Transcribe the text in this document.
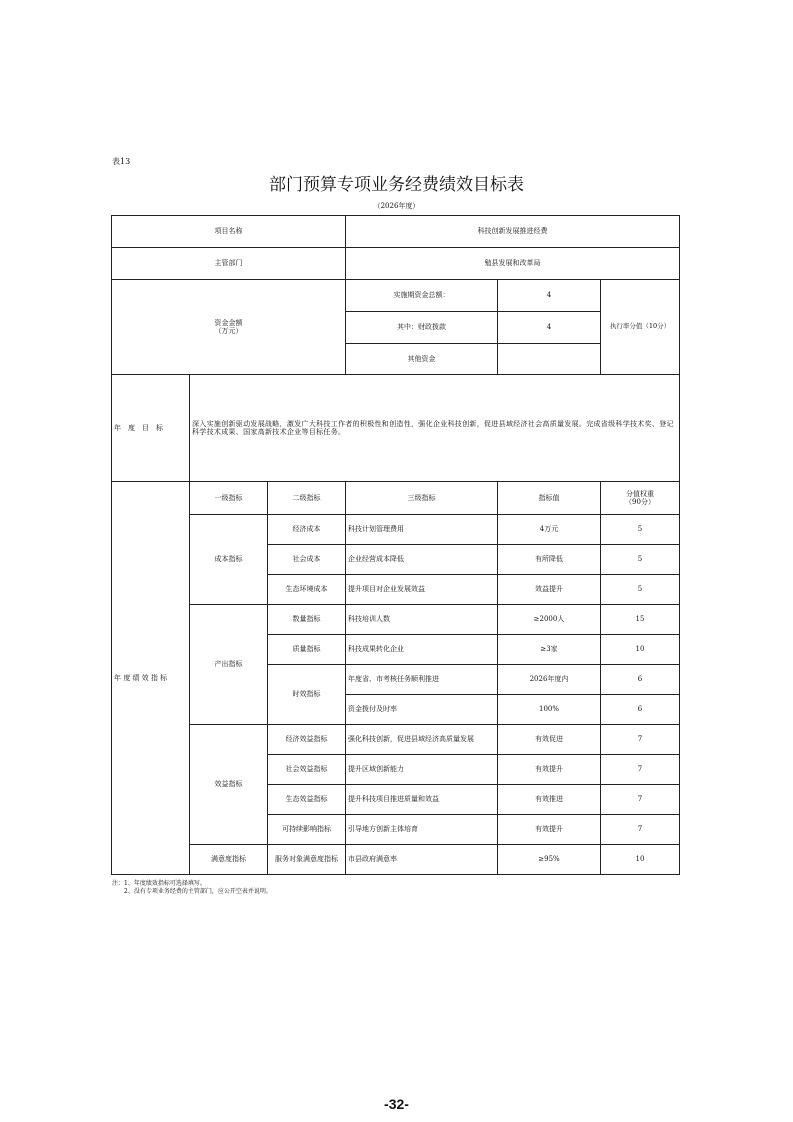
表13
部门预算专项业务经费绩效目标表
（2026年度）
项目名称			科技创新发展推进经费		
主管部门			勉县发展和改革局		
资金金额
（万元）			实施期资金总额：	4	执行率分值（10分）
			其中：财政拨款	4	
			其他资金		
年　度　目　标	深入实施创新驱动发展战略，激发广大科技工作者的积极性和创造性，强化企业科技创新，促进县域经济社会高质量发展。完成省级科学技术奖、登记科学技术成果、国家高新技术企业等目标任务。				
年 度 绩 效 指 标	一级指标	二级指标	三级指标	指标值	分值权重
（90分）
	成本指标	经济成本	科技计划管理费用	4万元	5
		社会成本	企业经营成本降低	有所降低	5
		生态环境成本	提升项目对企业发展效益	效益提升	5
	产出指标	数量指标	科技培训人数	≥2000人	15
		质量指标	科技成果转化企业	≥3家	10
		时效指标	年度省、市考核任务顺利推进	2026年度内	6
			资金拨付及时率	100%	6
	效益指标	经济效益指标	强化科技创新，促进县域经济高质量发展	有效促进	7
		社会效益指标	提升区域创新能力	有效提升	7
		生态效益指标	提升科技项目推进质量和效益	有效推进	7
		可持续影响指标	引导地方创新主体培育	有效提升	7
	满意度指标	服务对象满意度指标	市县政府满意率	≥95%	10
注：1、年度绩效指标可选择填写。
2、没有专项业务经费的主管部门，应公开空表并说明。
-32-
